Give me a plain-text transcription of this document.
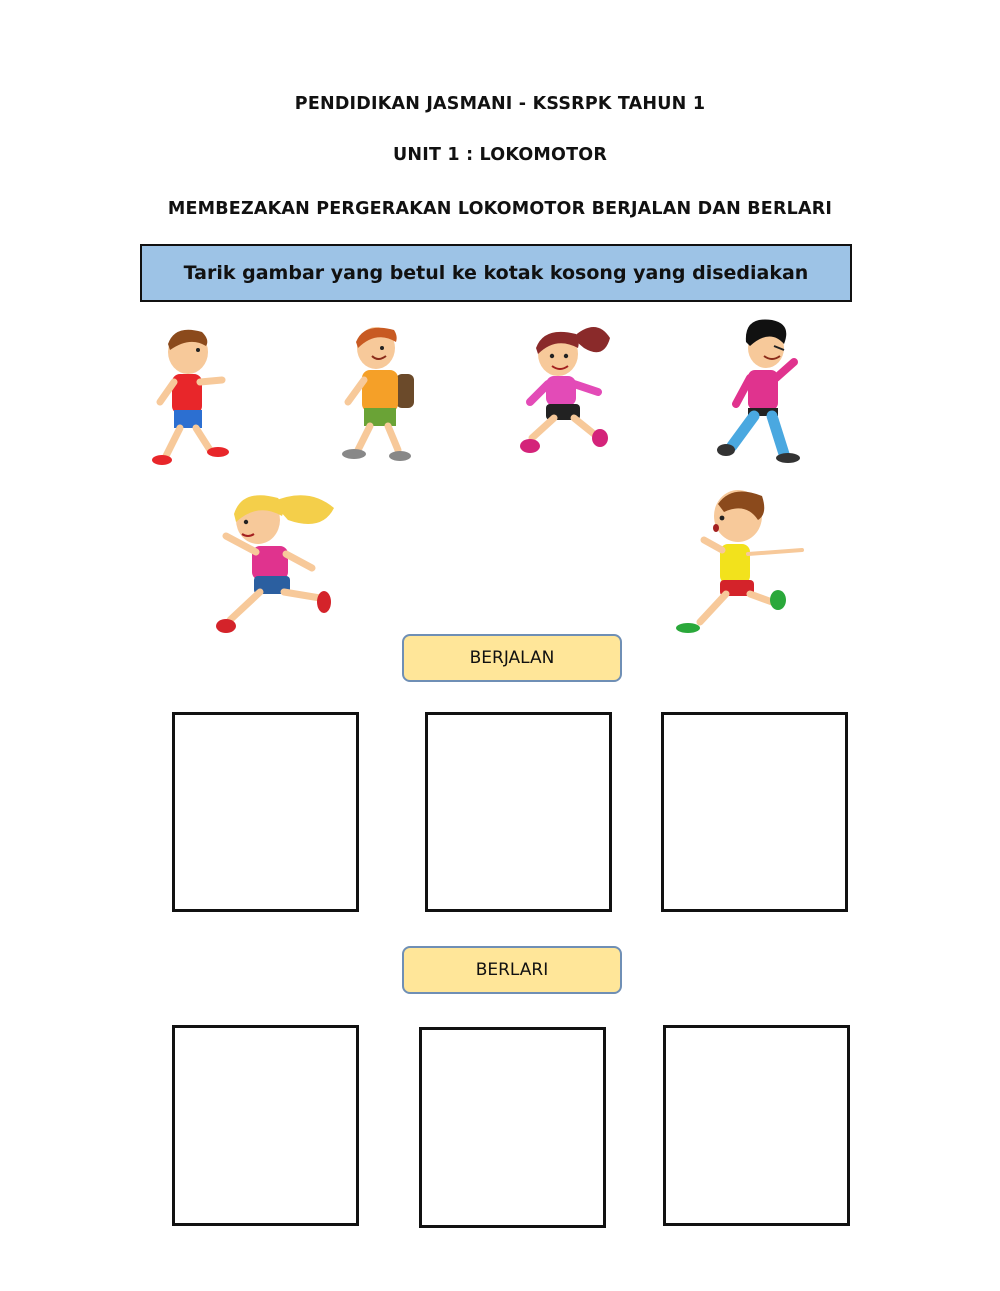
PENDIDIKAN JASMANI - KSSRPK TAHUN 1
UNIT 1 : LOKOMOTOR
MEMBEZAKAN PERGERAKAN LOKOMOTOR BERJALAN DAN BERLARI
Tarik gambar yang betul ke kotak kosong yang disediakan
BERJALAN
BERLARI
